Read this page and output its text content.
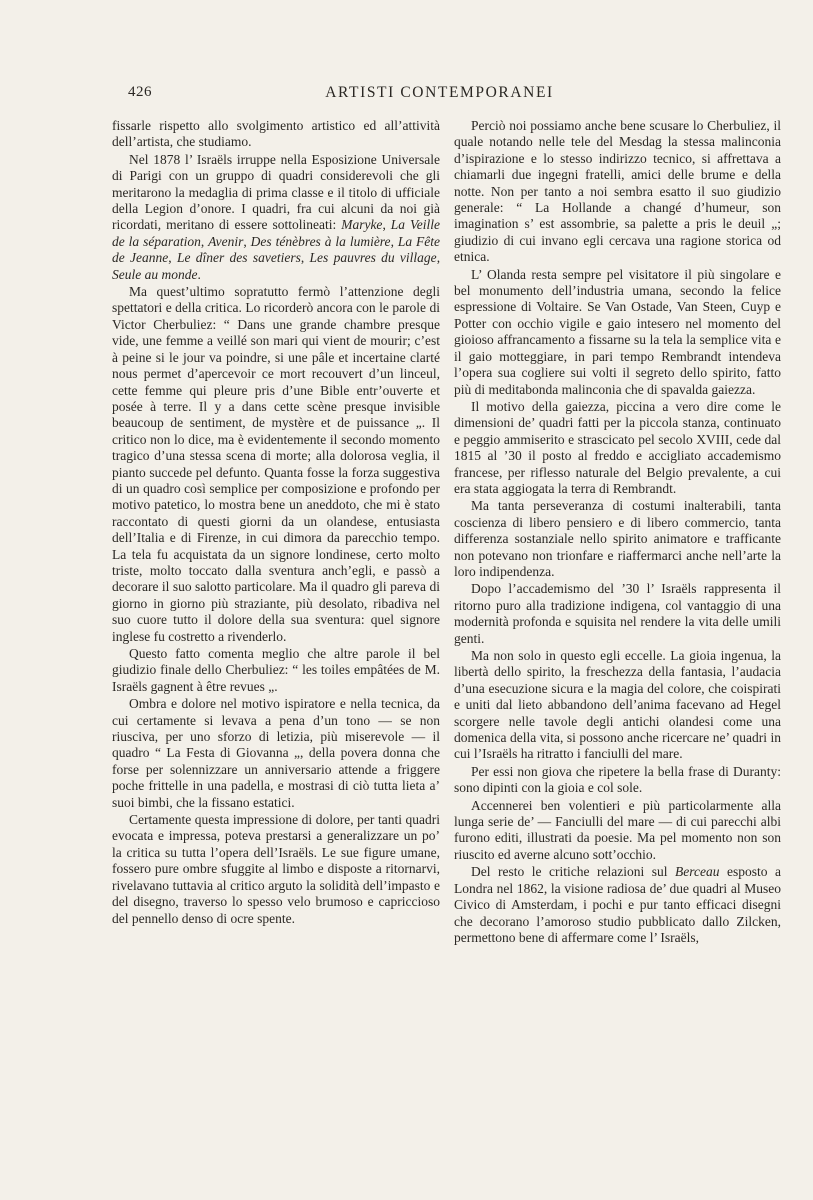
426	ARTISTI CONTEMPORANEI

fissarle rispetto allo svolgimento artistico ed all’attività dell’artista, che studiamo.

Nel 1878 l’ Israëls irruppe nella Esposizione Universale di Parigi con un gruppo di quadri considerevoli che gli meritarono la medaglia di prima classe e il titolo di ufficiale della Legion d’onore. I quadri, fra cui alcuni da noi già ricordati, meritano di essere sottolineati: Maryke, La Veille de la séparation, Avenir, Des ténèbres à la lumière, La Fête de Jeanne, Le dîner des savetiers, Les pauvres du village, Seule au monde.

Ma quest’ultimo sopratutto fermò l’attenzione degli spettatori e della critica. Lo ricorderò ancora con le parole di Victor Cherbuliez: “ Dans une grande chambre presque vide, une femme a veillé son mari qui vient de mourir; c’est à peine si le jour va poindre, si une pâle et incertaine clarté nous permet d’apercevoir ce mort recouvert d’un linceul, cette femme qui pleure pris d’une Bible entr’ouverte et posée à terre. Il y a dans cette scène presque invisible beaucoup de sentiment, de mystère et de puissance „. Il critico non lo dice, ma è evidentemente il secondo momento tragico d’una stessa scena di morte; alla dolorosa veglia, il pianto succede pel defunto. Quanta fosse la forza suggestiva di un quadro così semplice per composizione e profondo per motivo patetico, lo mostra bene un aneddoto, che mi è stato raccontato di questi giorni da un olandese, entusiasta dell’Italia e di Firenze, in cui dimora da parecchio tempo. La tela fu acquistata da un signore londinese, certo molto triste, molto toccato dalla sventura anch’egli, e passò a decorare il suo salotto particolare. Ma il quadro gli pareva di giorno in giorno più straziante, più desolato, ribadiva nel suo cuore tutto il dolore della sua sventura: quel signore inglese fu costretto a rivenderlo.

Questo fatto comenta meglio che altre parole il bel giudizio finale dello Cherbuliez: “ les toiles empâtées de M. Israëls gagnent à être revues „.

Ombra e dolore nel motivo ispiratore e nella tecnica, da cui certamente si levava a pena d’un tono — se non riusciva, per uno sforzo di letizia, più miserevole — il quadro “ La Festa di Giovanna „, della povera donna che forse per solennizzare un anniversario attende a friggere poche frittelle in una padella, e mostrasi di ciò tutta lieta a’ suoi bimbi, che la fissano estatici.

Certamente questa impressione di dolore, per tanti quadri evocata e impressa, poteva prestarsi a generalizzare un po’ la critica su tutta l’opera dell’Israëls. Le sue figure umane, fossero pure ombre sfuggite al limbo e disposte a ritornarvi, rivelavano tuttavia al critico arguto la solidità dell’impasto e del disegno, traverso lo spesso velo brumoso e capriccioso del pennello denso di ocre spente.

Perciò noi possiamo anche bene scusare lo Cherbuliez, il quale notando nelle tele del Mesdag la stessa malinconia d’ispirazione e lo stesso indirizzo tecnico, si affrettava a chiamarli due ingegni fratelli, amici delle brume e della notte. Non per tanto a noi sembra esatto il suo giudizio generale: “ La Hollande a changé d’humeur, son imagination s’ est assombrie, sa palette a pris le deuil „; giudizio di cui invano egli cercava una ragione storica od etnica.

L’ Olanda resta sempre pel visitatore il più singolare e bel monumento dell’industria umana, secondo la felice espressione di Voltaire. Se Van Ostade, Van Steen, Cuyp e Potter con occhio vigile e gaio intesero nel momento del gioioso affrancamento a fissarne su la tela la semplice vita e il gaio motteggiare, in pari tempo Rembrandt intendeva l’opera sua cogliere sui volti il segreto dello spirito, fatto più di meditabonda malinconia che di spavalda gaiezza.

Il motivo della gaiezza, piccina a vero dire come le dimensioni de’ quadri fatti per la piccola stanza, continuato e peggio ammiserito e strascicato pel secolo XVIII, cede dal 1815 al ’30 il posto al freddo e accigliato accademismo francese, per riflesso naturale del Belgio prevalente, a cui era stata aggiogata la terra di Rembrandt.

Ma tanta perseveranza di costumi inalterabili, tanta coscienza di libero pensiero e di libero commercio, tanta differenza sostanziale nello spirito animatore e trafficante non potevano non trionfare e riaffermarci anche nell’arte la loro indipendenza.

Dopo l’accademismo del ’30 l’ Israëls rappresenta il ritorno puro alla tradizione indigena, col vantaggio di una modernità profonda e squisita nel rendere la vita delle umili genti.

Ma non solo in questo egli eccelle. La gioia ingenua, la libertà dello spirito, la freschezza della fantasia, l’audacia d’una esecuzione sicura e la magia del colore, che coispirati e uniti dal lieto abbandono dell’anima facevano ad Hegel scorgere nelle tavole degli antichi olandesi come una domenica della vita, si possono anche ricercare ne’ quadri in cui l’Israëls ha ritratto i fanciulli del mare.

Per essi non giova che ripetere la bella frase di Duranty: sono dipinti con la gioia e col sole.

Accennerei ben volentieri e più particolarmente alla lunga serie de’ — Fanciulli del mare — di cui parecchi albi furono editi, illustrati da poesie. Ma pel momento non son riuscito ed averne alcuno sott’occhio.

Del resto le critiche relazioni sul Berceau esposto a Londra nel 1862, la visione radiosa de’ due quadri al Museo Civico di Amsterdam, i pochi e pur tanto efficaci disegni che decorano l’amoroso studio pubblicato dallo Zilcken, permettono bene di affermare come l’ Israëls,
